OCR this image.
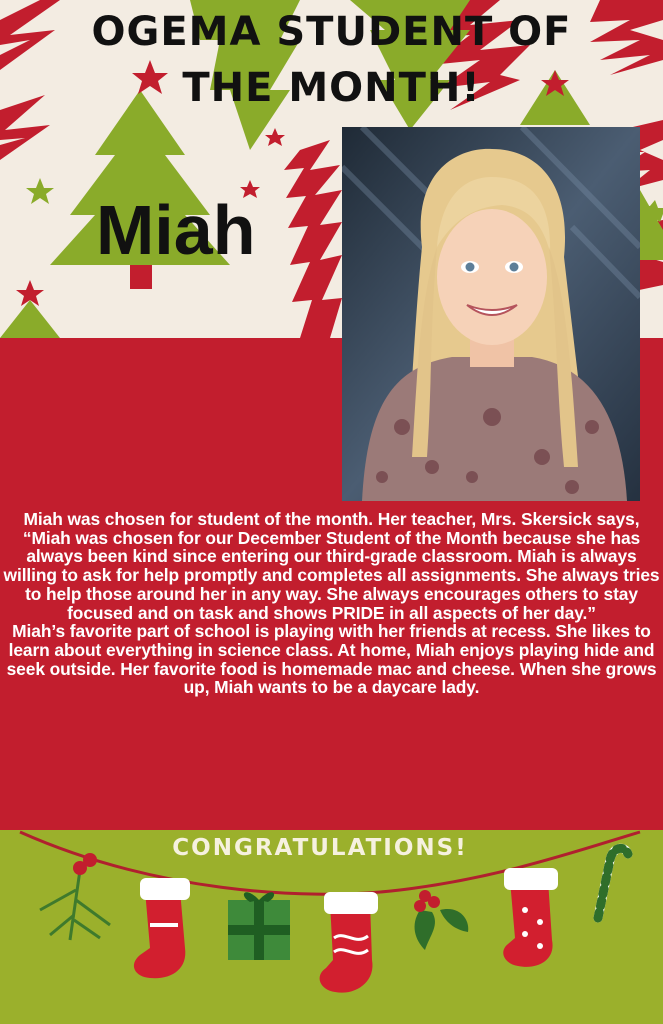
OGEMA STUDENT OF
THE MONTH!
Miah

Miah was chosen for student of the month. Her teacher, Mrs. Skersick says, “Miah was chosen for our December Student of the Month because she has always been kind since entering our third-grade classroom. Miah is always willing to ask for help promptly and completes all assignments. She always tries to help those around her in any way. She always encourages others to stay focused and on task and shows PRIDE in all aspects of her day.”

Miah’s favorite part of school is playing with her friends at recess. She likes to learn about everything in science class. At home, Miah enjoys playing hide and seek outside. Her favorite food is homemade mac and cheese. When she grows up, Miah wants to be a daycare lady.

CONGRATULATIONS!
